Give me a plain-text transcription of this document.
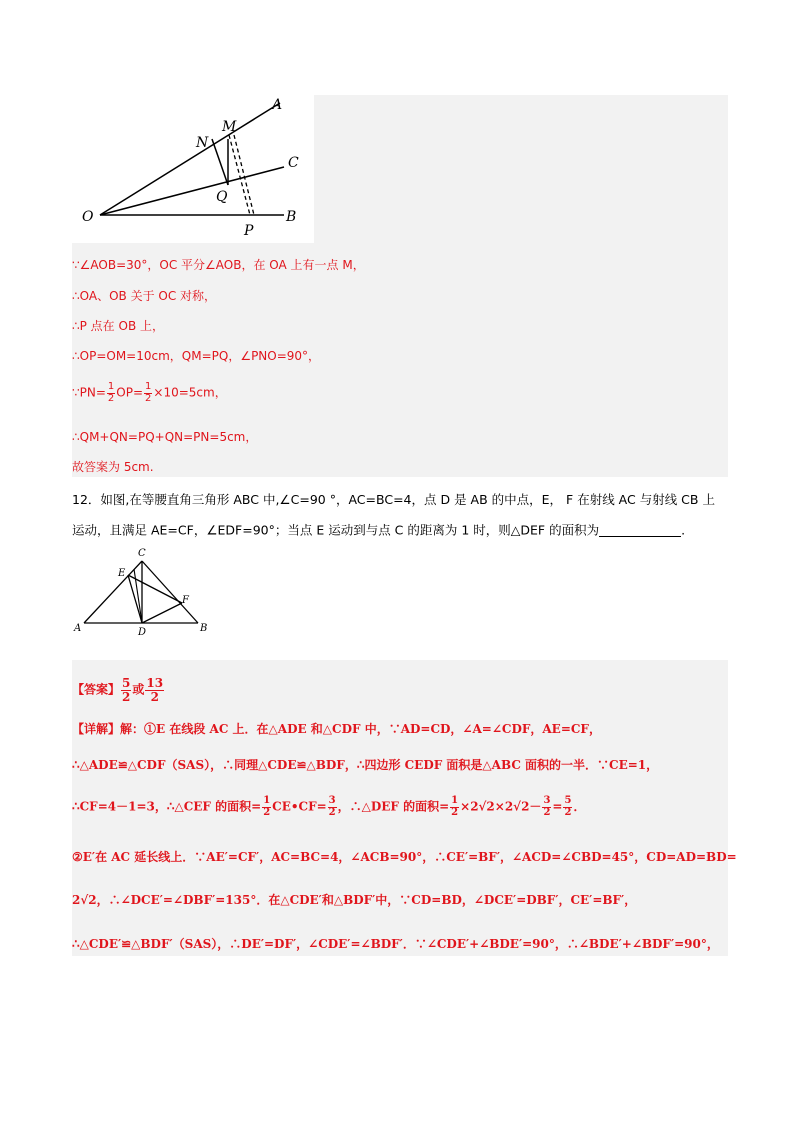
A
M
N
C
Q
O
P
B
∵∠AOB=30°，OC 平分∠AOB，在 OA 上有一点 M，
∴OA、OB 关于 OC 对称，
∴P 点在 OB 上，
∴OP=OM=10cm，QM=PQ，∠PNO=90°，
∵PN= $\frac{1}{2} OP= \frac{1}{2} \times 10=5cm$，
∴QM+QN=PQ+QN=PN=5cm，
故答案为 5cm.
12．如图,在等腰直角三角形 ABC 中,∠C=90 °，AC=BC=4，点 D 是 AB 的中点，E， F 在射线 AC 与射线 CB 上
运动，且满足 AE=CF，∠EDF=90°；当点 E 运动到与点 C 的距离为 1 时，则△DEF 的面积为	.
C
E
F
A	D	B
【答案】 $\frac{5}{2}$ 或 $\frac{13}{2}$
【详解】解：①E 在线段 AC 上．在△ADE 和△CDF 中，∵AD=CD，∠A=∠CDF，AE=CF，
∴△ADE≌△CDF（SAS），∴同理△CDE≌△BDF，∴四边形 CEDF 面积是△ABC 面积的一半．∵CE=1，
∴CF=4－1=3，∴△CEF 的面积= $\frac{1}{2}$ CE•CF= $\frac{3}{2}$ ，∴△DEF 的面积= $\frac{1}{2} \times 2√2\times 2√2- \frac{3}{2} = \frac{5}{2}$ ．
②E′在 AC 延长线上．∵AE′=CF′，AC=BC=4，∠ACB=90°，∴CE′=BF′，∠ACD=∠CBD=45°，CD=AD=BD=
2√2，∴∠DCE′=∠DBF′=135°．在△CDE′和△BDF′中，∵CD=BD，∠DCE′=DBF′，CE′=BF′，
∴△CDE′≌△BDF′（SAS），∴DE′=DF′，∠CDE′=∠BDF′．∵∠CDE′+∠BDE′=90°，∴∠BDE′+∠BDF′=90°，
